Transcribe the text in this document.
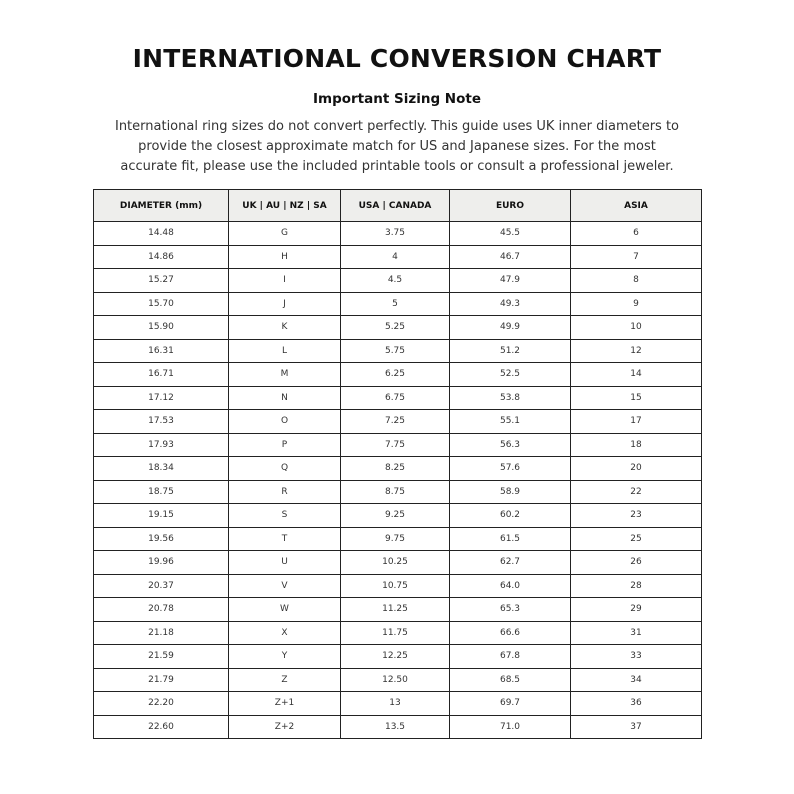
INTERNATIONAL CONVERSION CHART
Important Sizing Note

International ring sizes do not convert perfectly. This guide uses UK inner diameters to provide the closest approximate match for US and Japanese sizes. For the most accurate fit, please use the included printable tools or consult a professional jeweler.

DIAMETER (mm)	UK | AU | NZ | SA	USA | CANADA	EURO	ASIA
14.48	G	3.75	45.5	6
14.86	H	4	46.7	7
15.27	I	4.5	47.9	8
15.70	J	5	49.3	9
15.90	K	5.25	49.9	10
16.31	L	5.75	51.2	12
16.71	M	6.25	52.5	14
17.12	N	6.75	53.8	15
17.53	O	7.25	55.1	17
17.93	P	7.75	56.3	18
18.34	Q	8.25	57.6	20
18.75	R	8.75	58.9	22
19.15	S	9.25	60.2	23
19.56	T	9.75	61.5	25
19.96	U	10.25	62.7	26
20.37	V	10.75	64.0	28
20.78	W	11.25	65.3	29
21.18	X	11.75	66.6	31
21.59	Y	12.25	67.8	33
21.79	Z	12.50	68.5	34
22.20	Z+1	13	69.7	36
22.60	Z+2	13.5	71.0	37
